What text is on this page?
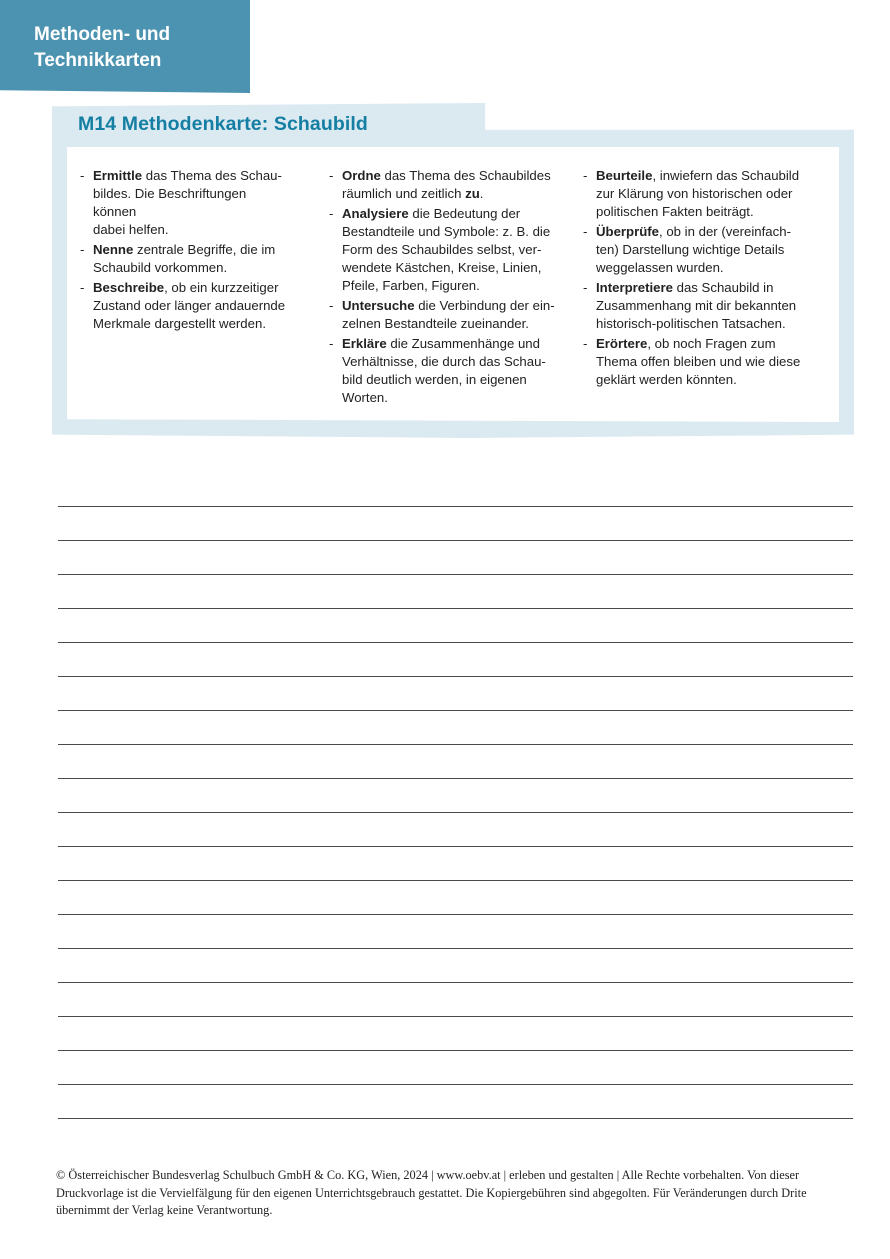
Methoden- und
Technikkarten
M14 Methodenkarte: Schaubild
- Ermittle das Thema des Schau-
bildes. Die Beschriftungen können
dabei helfen.
- Nenne zentrale Begriffe, die im
Schaubild vorkommen.
- Beschreibe, ob ein kurzzeitiger
Zustand oder länger andauernde
Merkmale dargestellt werden.
- Ordne das Thema des Schaubildes
räumlich und zeitlich zu.
- Analysiere die Bedeutung der
Bestandteile und Symbole: z. B. die
Form des Schaubildes selbst, ver-
wendete Kästchen, Kreise, Linien,
Pfeile, Farben, Figuren.
- Untersuche die Verbindung der ein-
zelnen Bestandteile zueinander.
- Erkläre die Zusammenhänge und
Verhältnisse, die durch das Schau-
bild deutlich werden, in eigenen
Worten.
- Beurteile, inwiefern das Schaubild
zur Klärung von historischen oder
politischen Fakten beiträgt.
- Überprüfe, ob in der (vereinfach-
ten) Darstellung wichtige Details
weggelassen wurden.
- Interpretiere das Schaubild in
Zusammenhang mit dir bekannten
historisch-politischen Tatsachen.
- Erörtere, ob noch Fragen zum
Thema offen bleiben und wie diese
geklärt werden könnten.
© Österreichischer Bundesverlag Schulbuch GmbH & Co. KG, Wien, 2024 | www.oebv.at | erleben und gestalten | Alle Rechte vorbehalten. Von dieser Druckvorlage ist die Vervielfälgung für den eigenen Unterrichtsgebrauch gestattet. Die Kopiergebühren sind abgegolten. Für Veränderungen durch Drite übernimmt der Verlag keine Verantwortung.
